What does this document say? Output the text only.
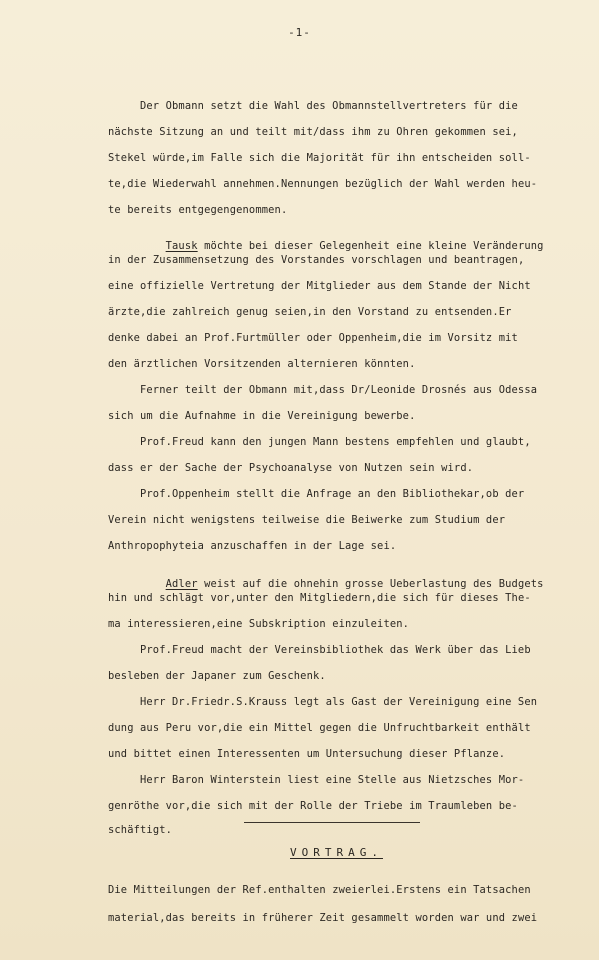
-1-
Der Obmann setzt die Wahl des Obmannstellvertreters für die
nächste Sitzung an und teilt mit/dass ihm zu Ohren gekommen sei,
Stekel würde,im Falle sich die Majorität für ihn entscheiden soll-
te,die Wiederwahl annehmen.Nennungen bezüglich der Wahl werden heu-
te bereits entgegengenommen.

Tausk möchte bei dieser Gelegenheit eine kleine Veränderung

in der Zusammensetzung des Vorstandes vorschlagen und beantragen,
eine offizielle Vertretung der Mitglieder aus dem Stande der Nicht
ärzte,die zahlreich genug seien,in den Vorstand zu entsenden.Er
denke dabei an Prof.Furtmüller oder Oppenheim,die im Vorsitz mit
den ärztlichen Vorsitzenden alternieren könnten.
Ferner teilt der Obmann mit,dass Dr/Leonide Drosnés aus Odessa
sich um die Aufnahme in die Vereinigung bewerbe.
Prof.Freud kann den jungen Mann bestens empfehlen und glaubt,
dass er der Sache der Psychoanalyse von Nutzen sein wird.
Prof.Oppenheim stellt die Anfrage an den Bibliothekar,ob der
Verein nicht wenigstens teilweise die Beiwerke zum Studium der
Anthropophyteia anzuschaffen in der Lage sei.

Adler weist auf die ohnehin grosse Ueberlastung des Budgets

hin und schlägt vor,unter den Mitgliedern,die sich für dieses The-
ma interessieren,eine Subskription einzuleiten.
Prof.Freud macht der Vereinsbibliothek das Werk über das Lieb
besleben der Japaner zum Geschenk.
Herr Dr.Friedr.S.Krauss legt als Gast der Vereinigung eine Sen
dung aus Peru vor,die ein Mittel gegen die Unfruchtbarkeit enthält
und bittet einen Interessenten um Untersuchung dieser Pflanze.
Herr Baron Winterstein liest eine Stelle aus Nietzsches Mor-
genröthe vor,die sich mit der Rolle der Triebe im Traumleben be-
schäftigt.
VORTRAG.
Die Mitteilungen der Ref.enthalten zweierlei.Erstens ein Tatsachen
material,das bereits in früherer Zeit gesammelt worden war und zwei
